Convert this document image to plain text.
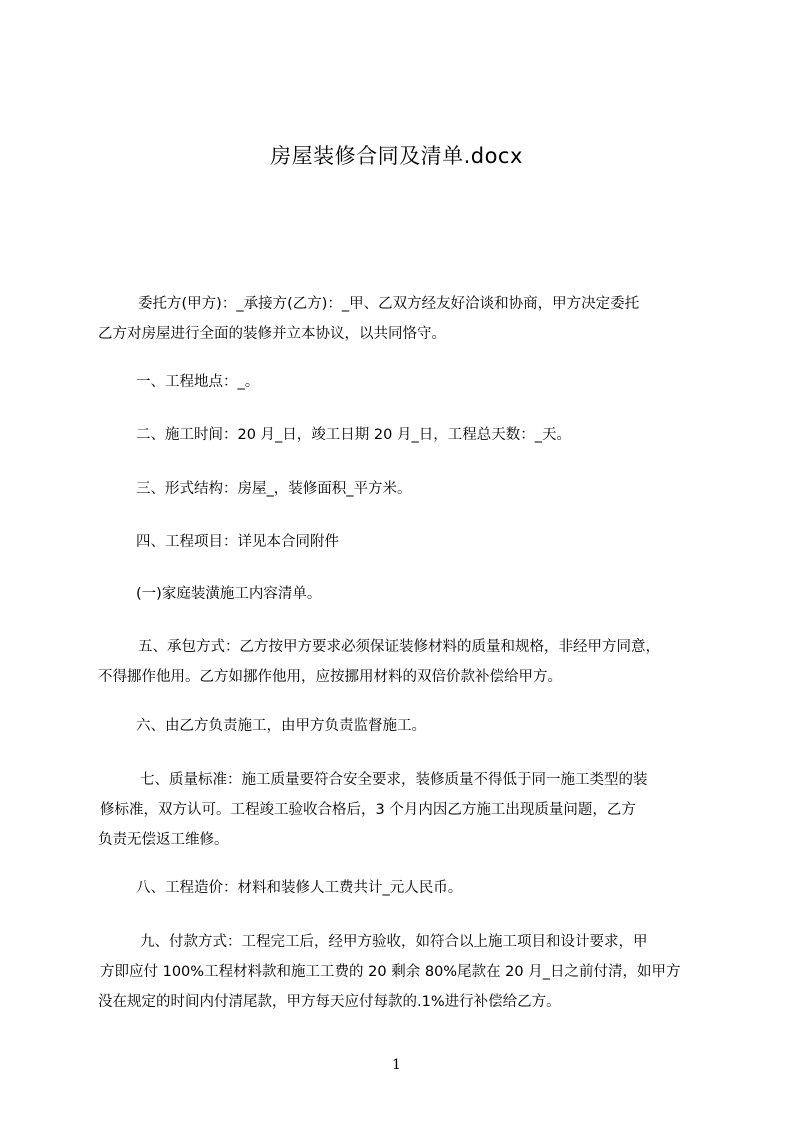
房屋装修合同及清单.docx
委托方(甲方)：_承接方(乙方)：_甲、乙双方经友好洽谈和协商，甲方决定委托
乙方对房屋进行全面的装修并立本协议，以共同恪守。
一、工程地点：_。
二、施工时间：20 月_日，竣工日期 20 月_日，工程总天数：_天。
三、形式结构：房屋_，装修面积_平方米。
四、工程项目：详见本合同附件
(一)家庭装潢施工内容清单。
五、承包方式：乙方按甲方要求必须保证装修材料的质量和规格，非经甲方同意，
不得挪作他用。乙方如挪作他用，应按挪用材料的双倍价款补偿给甲方。
六、由乙方负责施工，由甲方负责监督施工。
七、质量标准：施工质量要符合安全要求，装修质量不得低于同一施工类型的装
修标准，双方认可。工程竣工验收合格后，3 个月内因乙方施工出现质量问题，乙方
负责无偿返工维修。
八、工程造价：材料和装修人工费共计_元人民币。
九、付款方式：工程完工后，经甲方验收，如符合以上施工项目和设计要求，甲
方即应付 100%工程材料款和施工工费的 20 剩余 80%尾款在 20 月_日之前付清，如甲方
没在规定的时间内付清尾款，甲方每天应付每款的.1%进行补偿给乙方。
1
